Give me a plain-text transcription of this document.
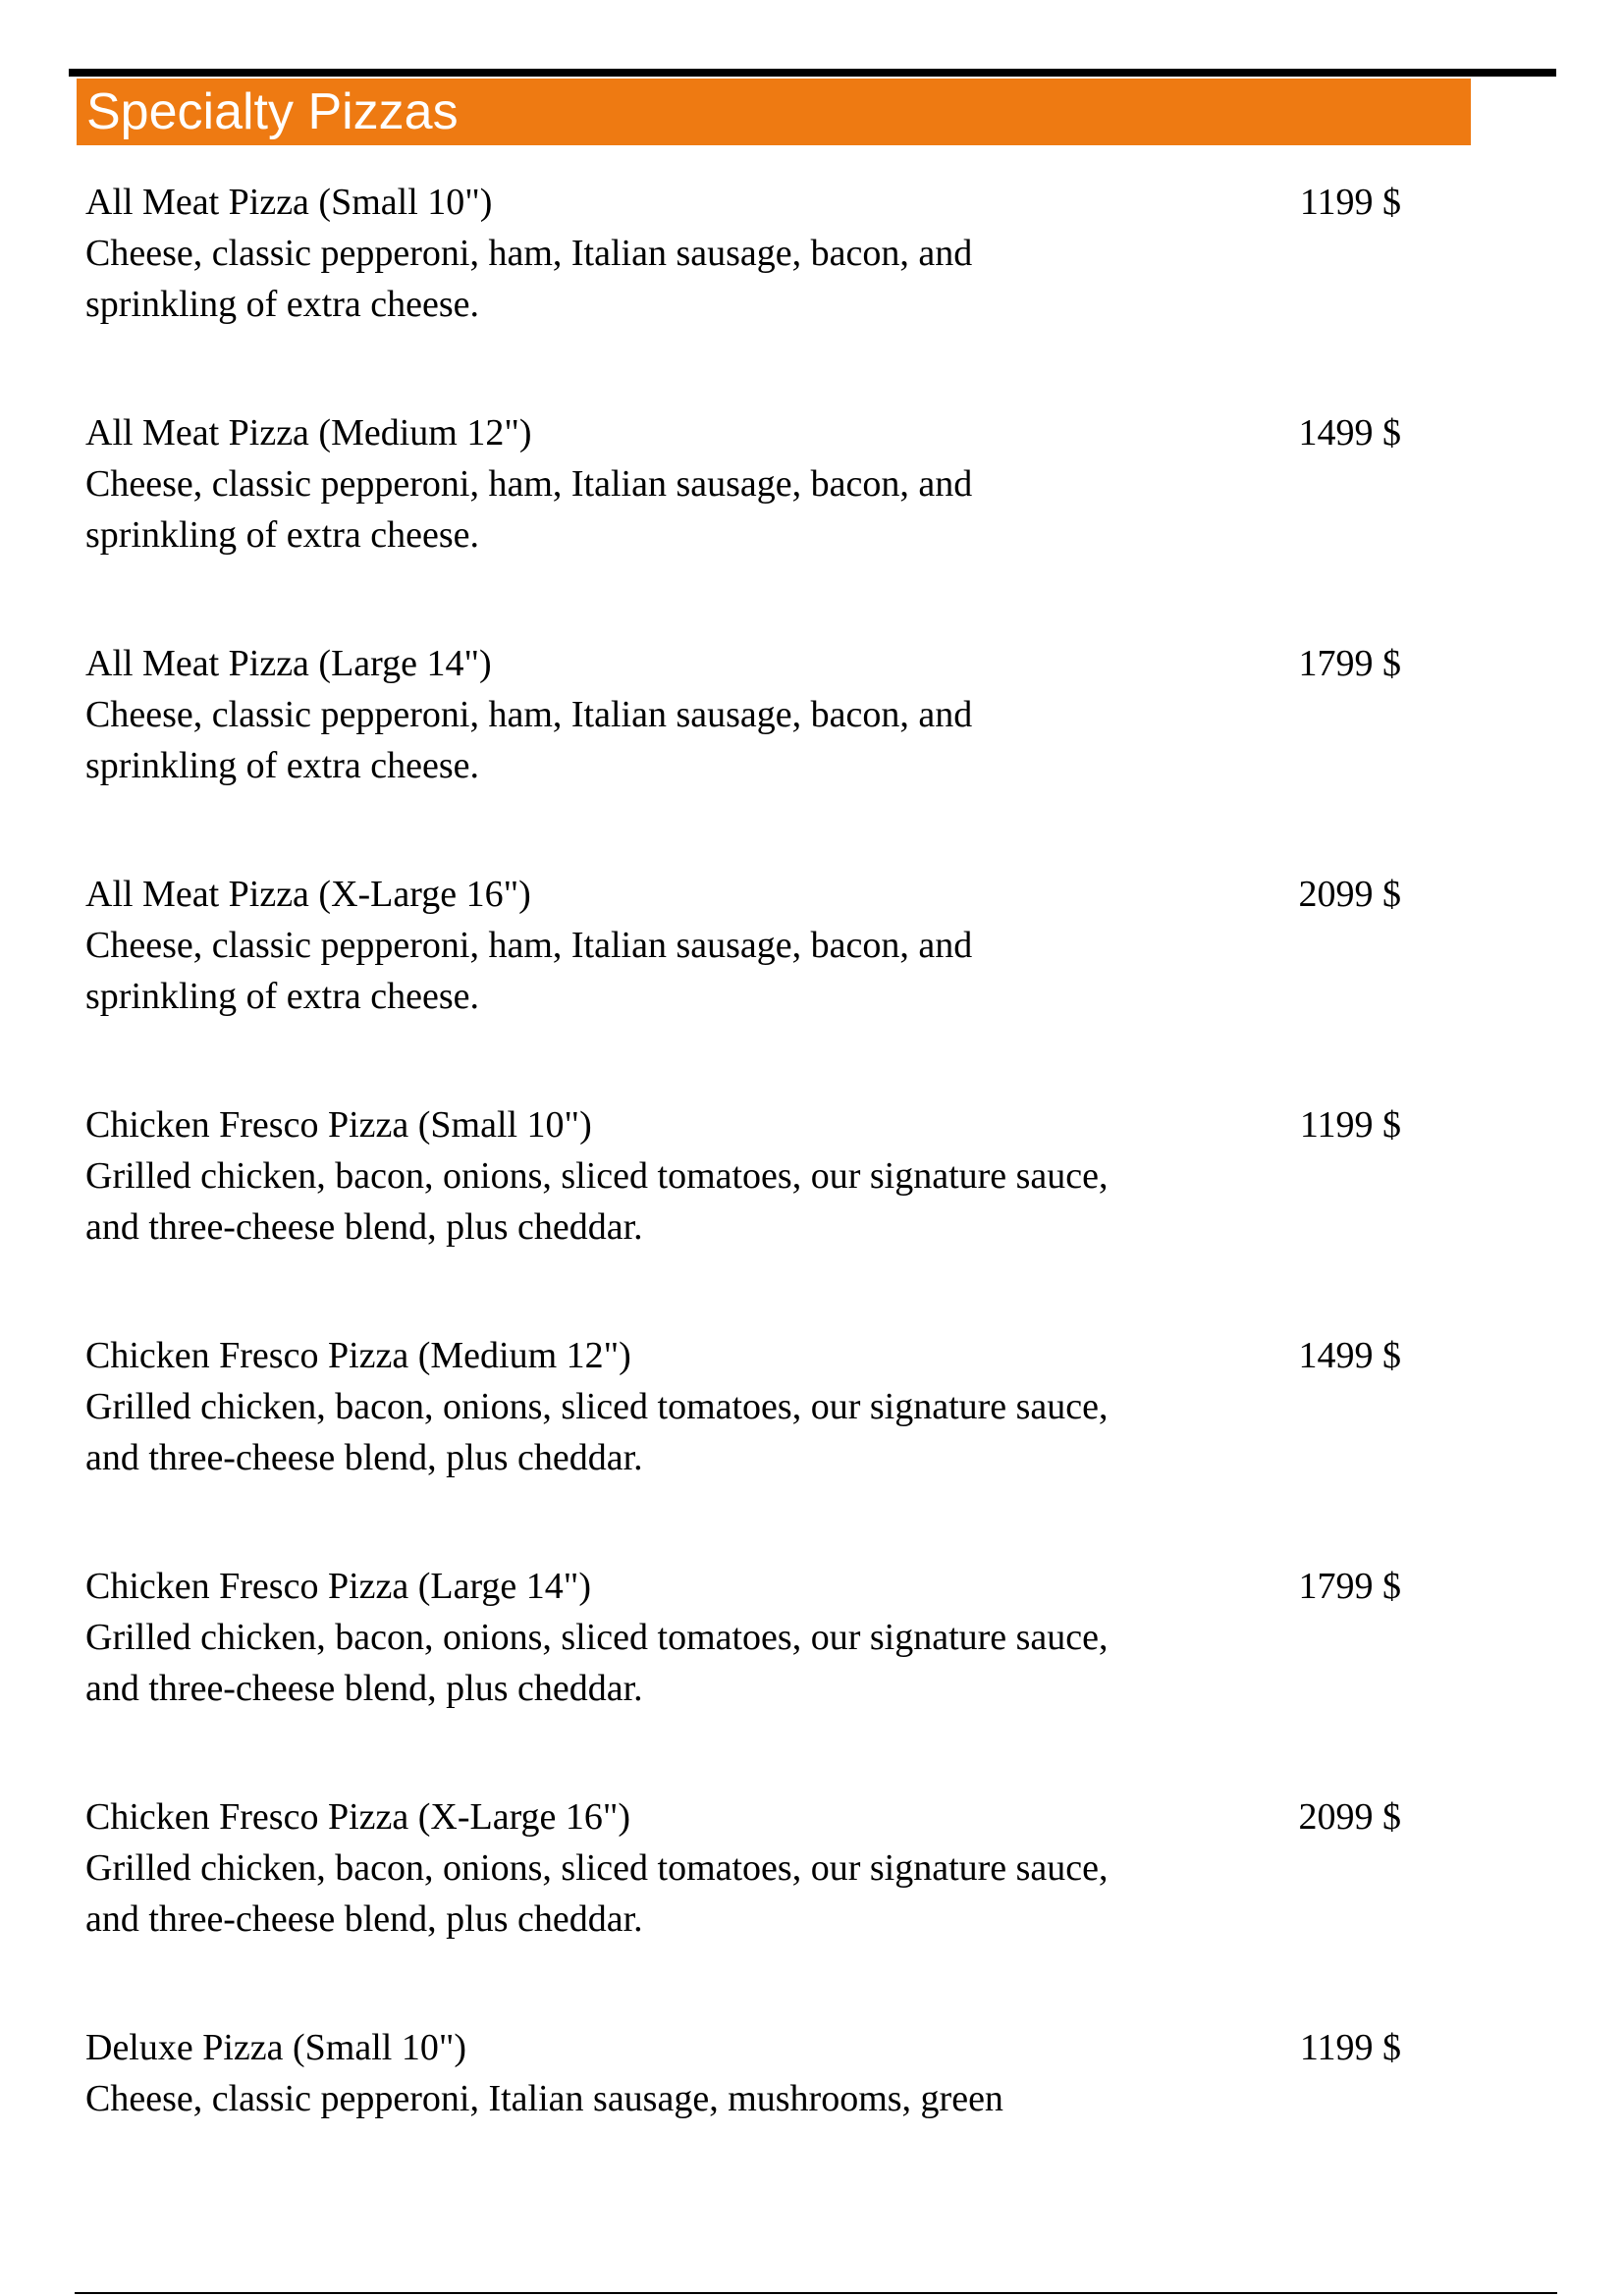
Specialty Pizzas
All Meat Pizza (Small 10")	1199 $
Cheese, classic pepperoni, ham, Italian sausage, bacon, and
sprinkling of extra cheese.
All Meat Pizza (Medium 12")	1499 $
Cheese, classic pepperoni, ham, Italian sausage, bacon, and
sprinkling of extra cheese.
All Meat Pizza (Large 14")	1799 $
Cheese, classic pepperoni, ham, Italian sausage, bacon, and
sprinkling of extra cheese.
All Meat Pizza (X-Large 16")	2099 $
Cheese, classic pepperoni, ham, Italian sausage, bacon, and
sprinkling of extra cheese.
Chicken Fresco Pizza (Small 10")	1199 $
Grilled chicken, bacon, onions, sliced tomatoes, our signature sauce,
and three-cheese blend, plus cheddar.
Chicken Fresco Pizza (Medium 12")	1499 $
Grilled chicken, bacon, onions, sliced tomatoes, our signature sauce,
and three-cheese blend, plus cheddar.
Chicken Fresco Pizza (Large 14")	1799 $
Grilled chicken, bacon, onions, sliced tomatoes, our signature sauce,
and three-cheese blend, plus cheddar.
Chicken Fresco Pizza (X-Large 16")	2099 $
Grilled chicken, bacon, onions, sliced tomatoes, our signature sauce,
and three-cheese blend, plus cheddar.
Deluxe Pizza (Small 10")	1199 $
Cheese, classic pepperoni, Italian sausage, mushrooms, green
